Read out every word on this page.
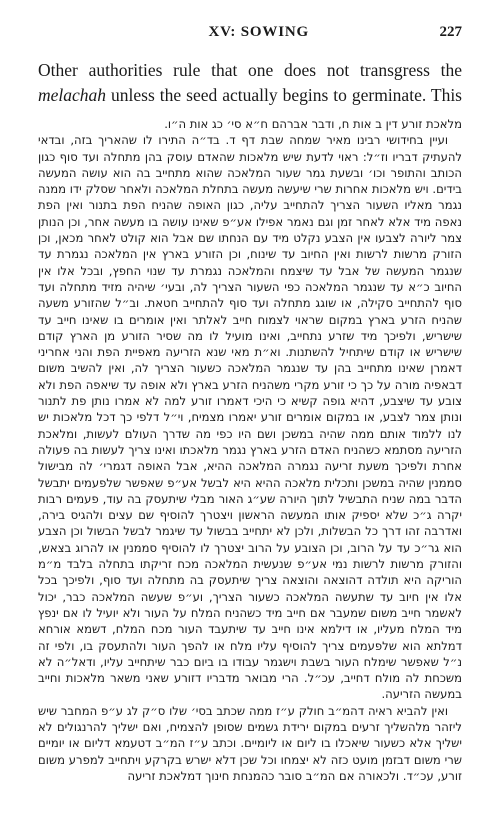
XV: SOWING	227

Other authorities rule that one does not transgress the melachah unless the seed actually begins to germinate. This

מלאכת זורע דין ב אות ח, ודבר אברהם ח״א סי׳ כג אות ה״ו.

ועיין בחידושי רבינו מאיר שמחה שבת דף ד. בד״ה התירו לו שהאריך בזה, ובדאי להעתיק דבריו וז״ל: ראוי לדעת שיש מלאכות שהאדם עוסק בהן מתחלה ועד סוף כגון הכותב והתופר וכו׳ ובשעת גמר שעור המלאכה שהוא מתחייב בה הוא עושה המעשה בידים. ויש מלאכות אחרות שרי שיעשה מעשה בתחלת המלאכה ולאחר שסלק ידו ממנה נגמר מאליו השעור הצריך להתחייב עליה, כגון האופה שהניח הפת בתנור ואין הפת נאפה מיד אלא לאחר זמן וגם נאמר אפילו אע״פ שאינו עושה בו מעשה אחר, וכן הנותן צמר ליורה לצבעו אין הצבע נקלט מיד עם הנחתו שם אבל הוא קולט לאחר מכאן, וכן הזורק מרשות לרשות ואין החיוב עד שינוח, וכן הזורע בארץ אין המלאכה נגמרת עד שנגמר המעשה של אבל עד שיצמח והמלאכה נגמרת עד שנוי החפץ, ובכל אלו אין החיוב כ״א עד שנגמר המלאכה כפי השעור הצריך לה, ובעי׳ שיהיה מזיד מתחלה ועד סוף להתחייב סקילה, או שוגג מתחלה ועד סוף להתחייב חטאת. וב״ל שהזורע משעה שהניח הזרע בארץ במקום שראוי לצמוח חייב לאלתר ואין אומרים בו שאינו חייב עד שישריש, ולפיכך מיד שזרע נתחייב, ואינו מועיל לו מה שסיר הזורע מן הארץ קודם שישריש או קודם שיתחיל להשתנות. וא״ת מאי שנא הזריעה מאפיית הפת והני אחריני דאמרן שאינו מתחייב בהן עד שנגמר המלאכה כשעור הצריך לה, ואין להשיב משום דבאפיה מורה על כך כי זורע מקרי משהניח הזרע בארץ ולא אופה עד שיאפה הפת ולא צובע עד שיצבע, דהיא גופה קשיא כי היכי דאמרו זורע למה לא אמרו נותן פת לתנור ונותן צמר לצבע, או במקום אומרים זורע יאמרו מצמיח, וי״ל דלפי כך דכל מלאכות יש לנו ללמוד אותם ממה שהיה במשכן ושם היו כפי מה שדרך העולם לעשות, ומלאכת הזריעה מסתמא כשהניח האדם הזרע בארץ נגמר מלאכתו ואינו צריך לעשות בה פעולה אחרת ולפיכך משעת זריעה נגמרה המלאכה ההיא, אבל האופה דגמרי׳ לה מבישול סממנין שהיה במשכן ותכלית מלאכה ההיא היא לבשל אע״פ שאפשר שלפעמים יתבשל הדבר במה שניח התבשיל לתוך היורה שע״ג האור מבלי שיתעסק בה עוד, פעמים רבות יקרה ג״כ שלא יספיק אותו המעשה הראשון ויצטרך להוסיף שם עצים ולהגיס בירה, ואדרבה זהו דרך כל הבשלות, ולכן לא יתחייב בבשול עד שיגמר לבשל הבשול וכן הצבע הוא גר״כ עד על הרוב, וכן הצובע על הרוב יצטרך לו להוסיף סממנין או להרוג בצאש, והזורק מרשות לרשות נמי אע״פ שנעשית המלאכה מכח זריקתו בתחלה בלבד מ״מ הוריקה היא תולדה דהוצאה והוצאה צריך שיתעסק בה מתחלה ועד סוף, ולפיכך בכל אלו אין חיוב עד שתעשה המלאכה כשעור הצריך, וע״פ שעשה המלאכה כבר, יכול לאשמר חייב משום שמעבר אם חייב מיד כשהניח המלח על העור ולא יועיל לו אם ינפץ מיד המלח מעליו, או דילמא אינו חייב עד שיתעבד העור מכח המלח, דשמא אורחא דמלתא הוא שלפעמים צריך להוסיף עליו מלח או להפך העור ולהתעסק בו, ולפי זה נ״ל שאפשר שימלח העור בשבת וישגמר עבודו בו ביום כבר שיתחייב עליו, ודאל״ה לא משכחת לה מולח דחייב, עכ״ל. הרי מבואר מדבריו דזורע שאני משאר מלאכות וחייב במעשה הזריעה.

ואין להביא ראיה דהמ״ב חולק ע״ז ממה שכתב בסי׳ שלו ס״ק לג ע״פ המחבר שיש ליזהר מלהשליך זרעים במקום ירידת גשמים שסופן להצמיח, ואם ישליך להרנגולים לא ישליך אלא כשעור שיאכלו בו ליום או ליומיים. וכתב ע״ז המ״ב דטעמא דליום או יומיים שרי משום דבזמן מועט כזה לא יצמחו וכל שכן דלא ישרש בקרקע ויתחייב למפרע משום זורע, עכ״ד. ולכאורה אם המ״ב סובר כהמנחת חינוך דמלאכת זריעה
